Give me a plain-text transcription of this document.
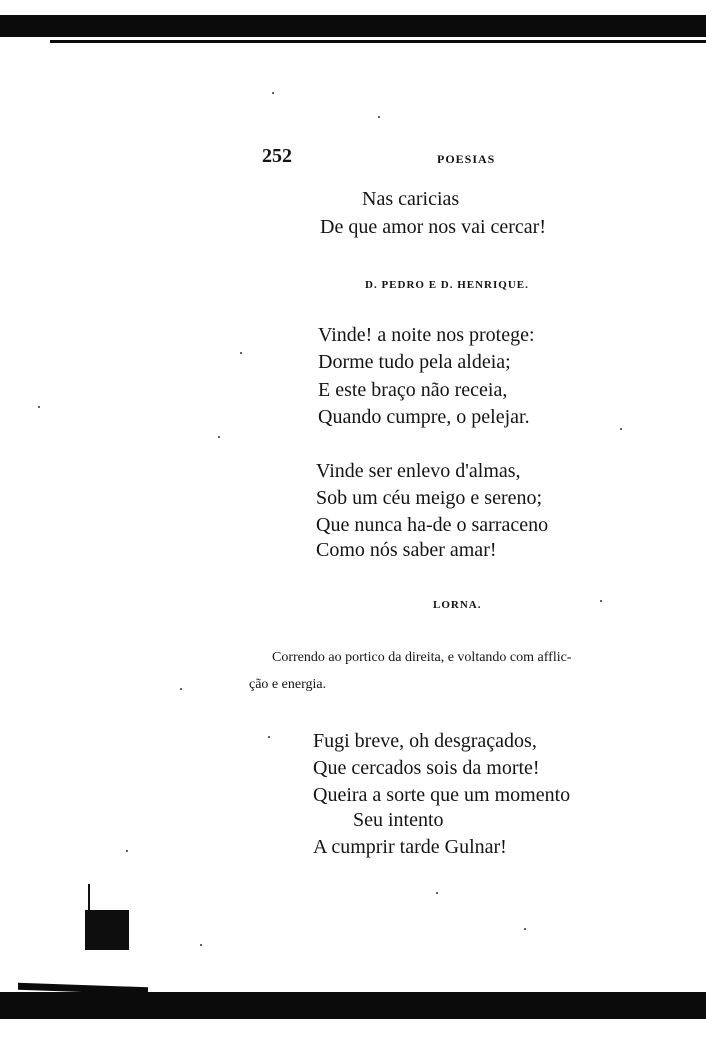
252	POESIAS
Nas caricias
De que amor nos vai cercar!
D. PEDRO E D. HENRIQUE.
Vinde! a noite nos protege:
Dorme tudo pela aldeia;
E este braço não receia,
Quando cumpre, o pelejar.
Vinde ser enlevo d'almas,
Sob um céu meigo e sereno;
Que nunca ha-de o sarraceno
Como nós saber amar!
LORNA.
Correndo ao portico da direita, e voltando com afflic-
ção e energia.
Fugi breve, oh desgraçados,
Que cercados sois da morte!
Queira a sorte que um momento
Seu intento
A cumprir tarde Gulnar!
